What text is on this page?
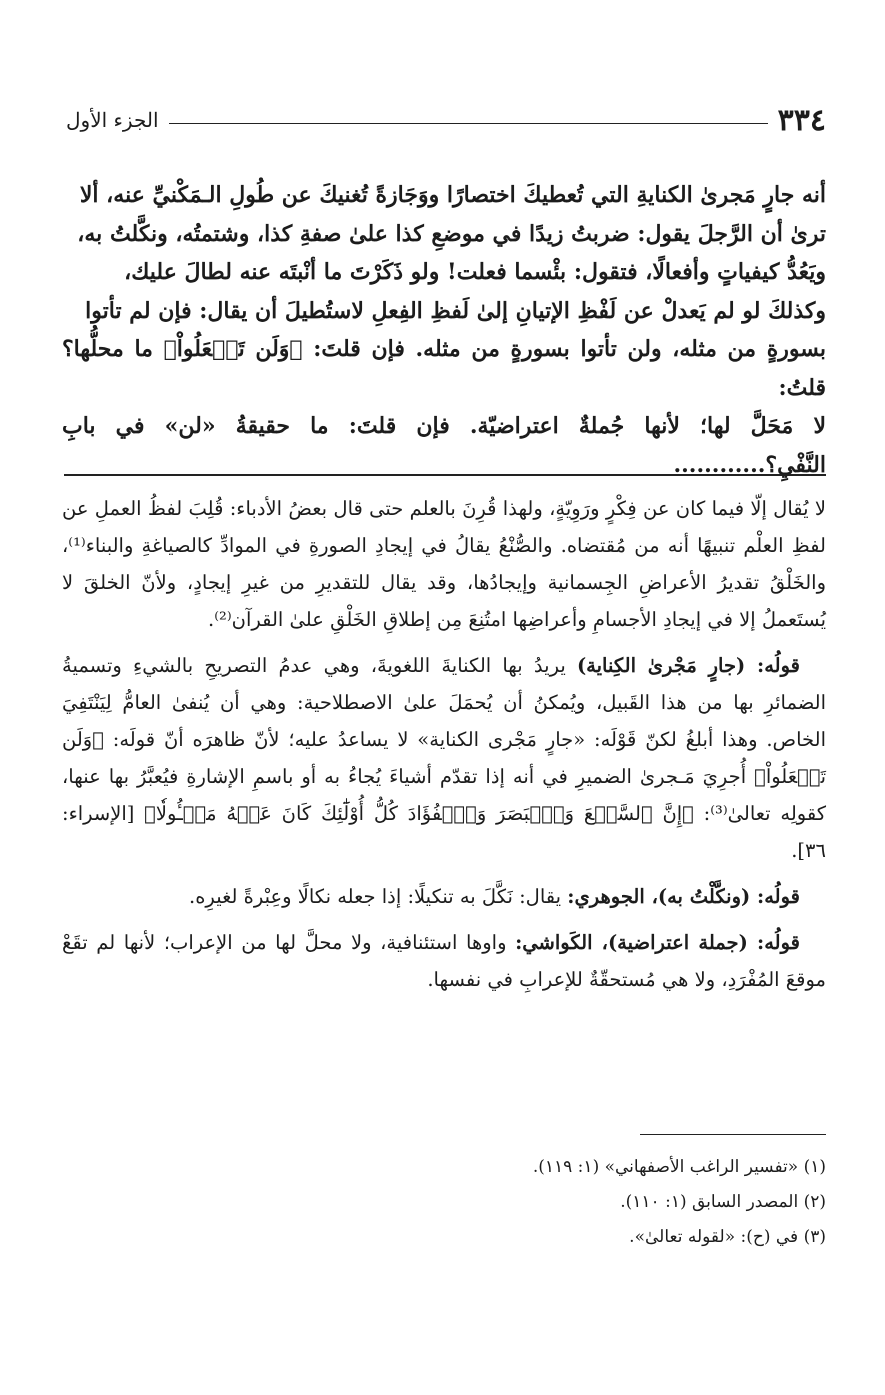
٣٣٤
الجزء الأول

أنه جارٍ مَجرىٰ الكنايةِ التي تُعطيكَ اختصارًا ووَجَازةً تُغنيكَ عن طُولِ الـمَكْنيِّ عنه، ألا

ترىٰ أن الرَّجلَ يقول: ضربتُ زيدًا في موضعِ كذا علىٰ صفةِ كذا، وشتمتُه، ونكَّلتُ به،

ويَعُدُّ كيفياتٍ وأفعالًا، فتقول: بئْسما فعلت! ولو ذَكَرْتَ ما أنْبتَه عنه لطالَ عليك،

وكذلكَ لو لم يَعدلْ عن لَفْظِ الإتيانِ إلىٰ لَفظِ الفِعلِ لاستُطيلَ أن يقال: فإن لم تأتوا

بسورةٍ من مثله، ولن تأتوا بسورةٍ من مثله. فإن قلتَ: ﴿وَلَن تَفۡعَلُواْ﴾ ما محلُّها؟ قلتُ:

لا مَحَلَّ لها؛ لأنها جُملةٌ اعتراضيّة. فإن قلتَ: ما حقيقةُ «لن» في بابِ النَّفْيِ؟............

لا يُقال إلّا فيما كان عن فِكْرٍ ورَوِيّةٍ، ولهذا قُرِنَ بالعلم حتى قال بعضُ الأدباء: قُلِبَ لفظُ العملِ عن لفظِ العلْم تنبيهًا أنه من مُقتضاه. والصُّنْعُ يقالُ في إيجادِ الصورةِ في الموادِّ كالصياغةِ والبناء⁽¹⁾، والخَلْقُ تقديرُ الأعراضِ الجِسمانية وإيجادُها، وقد يقال للتقديرِ من غيرِ إيجادٍ، ولأنّ الخلقَ لا يُستَعملُ إلا في إيجادِ الأجسامِ وأعراضِها امتُنِعَ مِن إطلاقِ الخَلْقِ علىٰ القرآن⁽²⁾.

قولُه: (جارٍ مَجْرىٰ الكِناية) يريدُ بها الكنايةَ اللغويةَ، وهي عدمُ التصريحِ بالشيءِ وتسميةُ الضمائرِ بها من هذا القَبيل، ويُمكنُ أن يُحمَلَ علىٰ الاصطلاحية: وهي أن يُنفىٰ العامُّ لِيَنْتَفِيَ الخاص. وهذا أبلغُ لكنّ قَوْلَه: «جارٍ مَجْرى الكناية» لا يساعدُ عليه؛ لأنّ ظاهرَه أنّ قولَه: ﴿وَلَن تَفۡعَلُواْ﴾ أُجرِيَ مَـجرىٰ الضميرِ في أنه إذا تقدّم أشياءَ يُجاءُ به أو باسمِ الإشارةِ فيُعبَّرُ بها عنها، كقولِه تعالىٰ⁽³⁾: ﴿إِنَّ ٱلسَّمۡعَ وَٱلۡبَصَرَ وَٱلۡفُؤَادَ كُلُّ أُوْلَٰٓئِكَ كَانَ عَنۡهُ مَسۡـُٔولٗا﴾ [الإسراء: ٣٦].

قولُه: (ونكَّلْتُ به)، الجوهري: يقال: نَكَّلَ به تنكيلًا: إذا جعله نكالًا وعِبْرةً لغيرِه.

قولُه: (جملة اعتراضية)، الكَواشي: واوها استئنافية، ولا محلَّ لها من الإعراب؛ لأنها لم تقَعْ موقعَ المُفْرَدِ، ولا هي مُستحقّةٌ للإعرابِ في نفسها.

(١) «تفسير الراغب الأصفهاني» (١: ١١٩).
(٢) المصدر السابق (١: ١١٠).
(٣) في (ح): «لقوله تعالىٰ».
